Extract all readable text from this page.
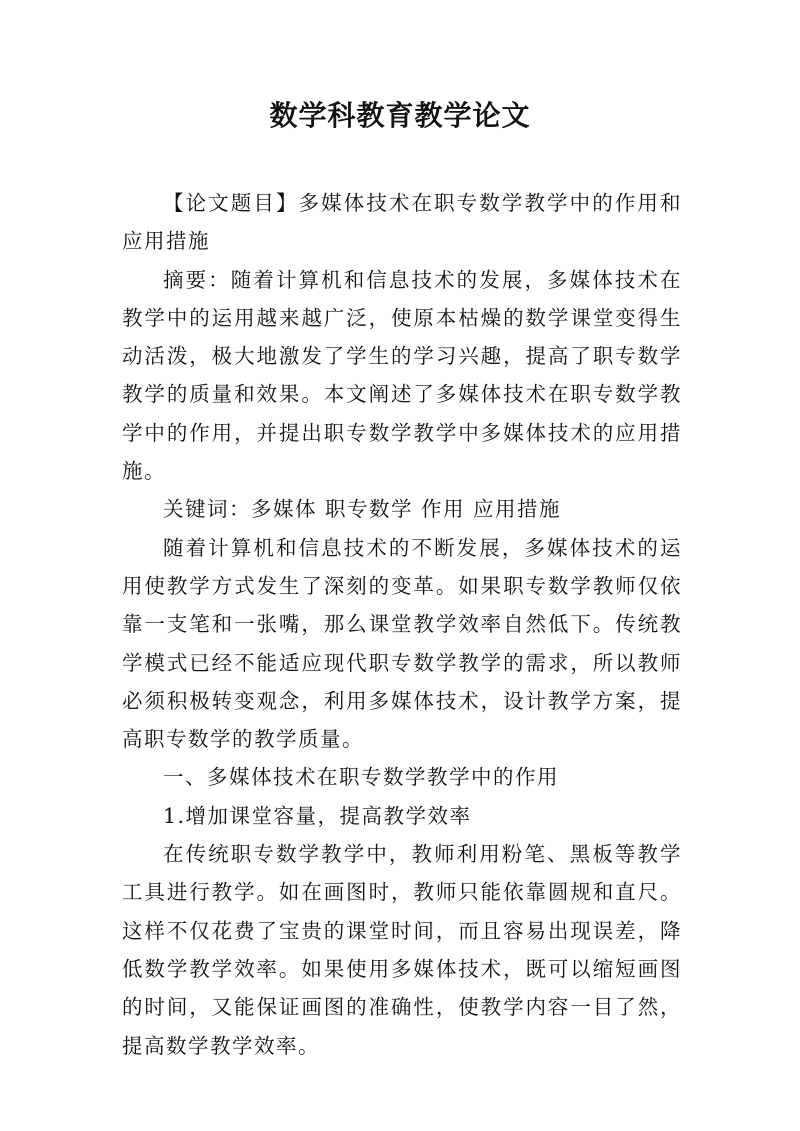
数学科教育教学论文

【论文题目】多媒体技术在职专数学教学中的作用和应用措施

摘要：随着计算机和信息技术的发展，多媒体技术在教学中的运用越来越广泛，使原本枯燥的数学课堂变得生动活泼，极大地激发了学生的学习兴趣，提高了职专数学教学的质量和效果。本文阐述了多媒体技术在职专数学教学中的作用，并提出职专数学教学中多媒体技术的应用措施。

关键词：多媒体 职专数学 作用 应用措施

随着计算机和信息技术的不断发展，多媒体技术的运用使教学方式发生了深刻的变革。如果职专数学教师仅依靠一支笔和一张嘴，那么课堂教学效率自然低下。传统教学模式已经不能适应现代职专数学教学的需求，所以教师必须积极转变观念，利用多媒体技术，设计教学方案，提高职专数学的教学质量。

一、多媒体技术在职专数学教学中的作用

1.增加课堂容量，提高教学效率

在传统职专数学教学中，教师利用粉笔、黑板等教学工具进行教学。如在画图时，教师只能依靠圆规和直尺。这样不仅花费了宝贵的课堂时间，而且容易出现误差，降低数学教学效率。如果使用多媒体技术，既可以缩短画图的时间，又能保证画图的准确性，使教学内容一目了然，提高数学教学效率。
